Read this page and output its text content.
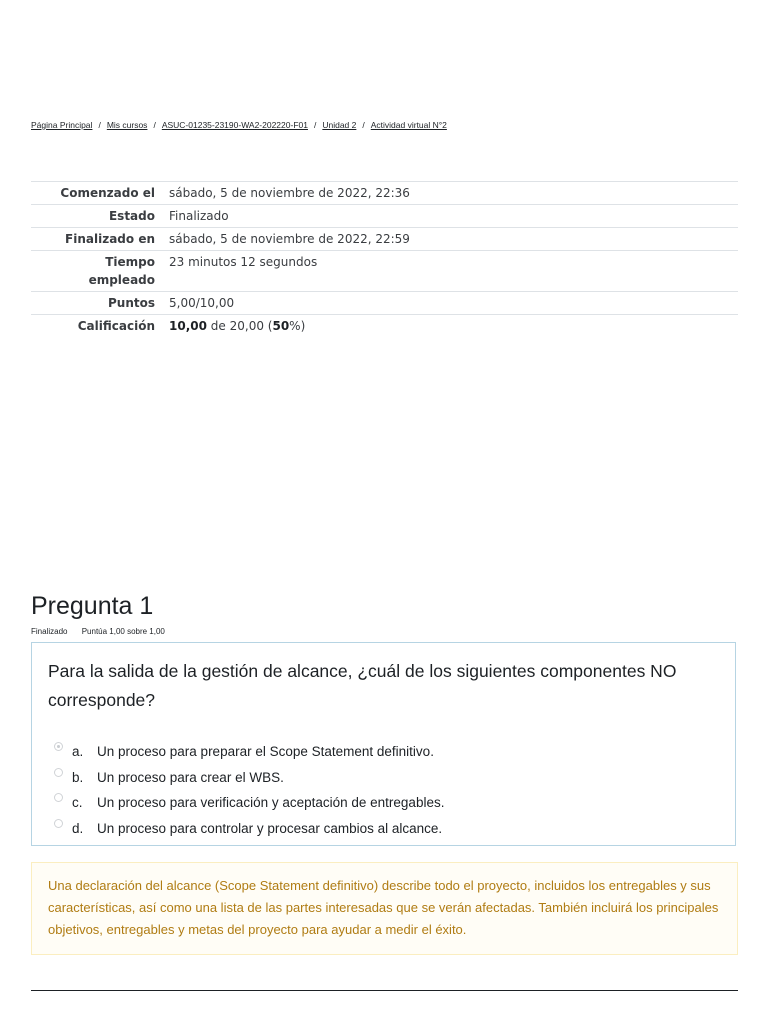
Página Principal / Mis cursos / ASUC-01235-23190-WA2-202220-F01 / Unidad 2 / Actividad virtual N°2
Comenzado el	sábado, 5 de noviembre de 2022, 22:36
Estado	Finalizado
Finalizado en	sábado, 5 de noviembre de 2022, 22:59
Tiempo
empleado	23 minutos 12 segundos
Puntos	5,00/10,00
Calificación	10,00 de 20,00 (50%)
Pregunta 1
Finalizado Puntúa 1,00 sobre 1,00
Para la salida de la gestión de alcance, ¿cuál de los siguientes componentes NO corresponde?
a.	Un proceso para preparar el Scope Statement definitivo.
b.	Un proceso para crear el WBS.
c.	Un proceso para verificación y aceptación de entregables.
d.	Un proceso para controlar y procesar cambios al alcance.

Una declaración del alcance (Scope Statement definitivo) describe todo el proyecto, incluidos los entregables y sus características, así como una lista de las partes interesadas que se verán afectadas. También incluirá los principales objetivos, entregables y metas del proyecto para ayudar a medir el éxito.
